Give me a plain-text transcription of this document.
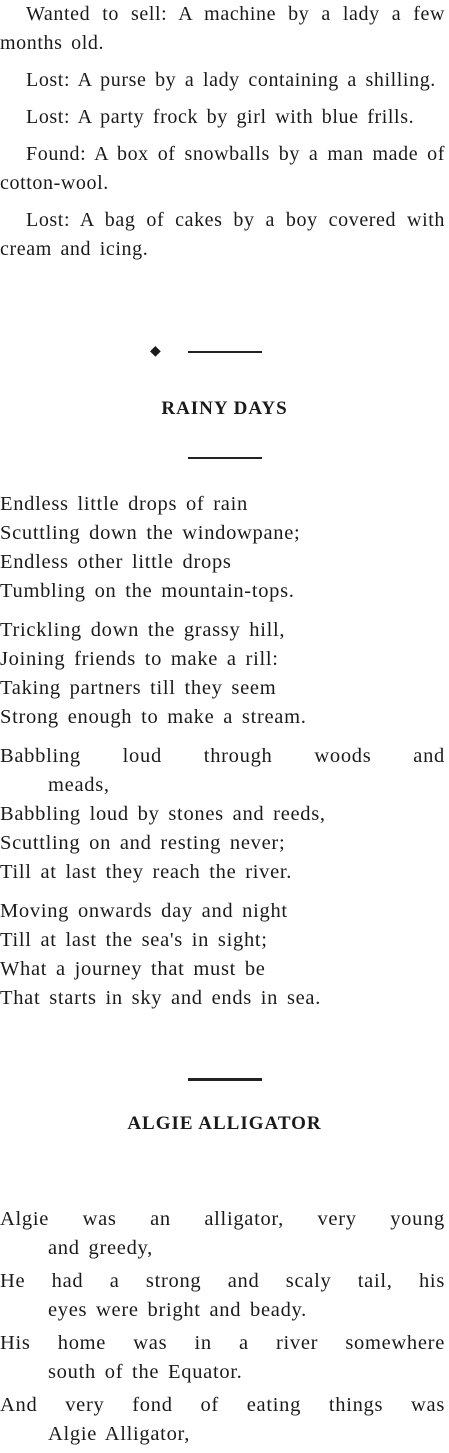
Wanted to sell: A machine by a lady a few months old.

Lost: A purse by a lady containing a shilling.

Lost: A party frock by girl with blue frills.

Found: A box of snowballs by a man made of cotton-wool.

Lost: A bag of cakes by a boy covered with cream and icing.

◆
RAINY DAYS
Endless little drops of rain
Scuttling down the windowpane;
Endless other little drops
Tumbling on the mountain-tops.
Trickling down the grassy hill,
Joining friends to make a rill:
Taking partners till they seem
Strong enough to make a stream.
Babbling loud through woods and
meads,
Babbling loud by stones and reeds,
Scuttling on and resting never;
Till at last they reach the river.
Moving onwards day and night
Till at last the sea's in sight;
What a journey that must be
That starts in sky and ends in sea.
ALGIE ALLIGATOR
Algie was an alligator, very young
and greedy,
He had a strong and scaly tail, his
eyes were bright and beady.
His home was in a river somewhere
south of the Equator.
And very fond of eating things was
Algie Alligator,
